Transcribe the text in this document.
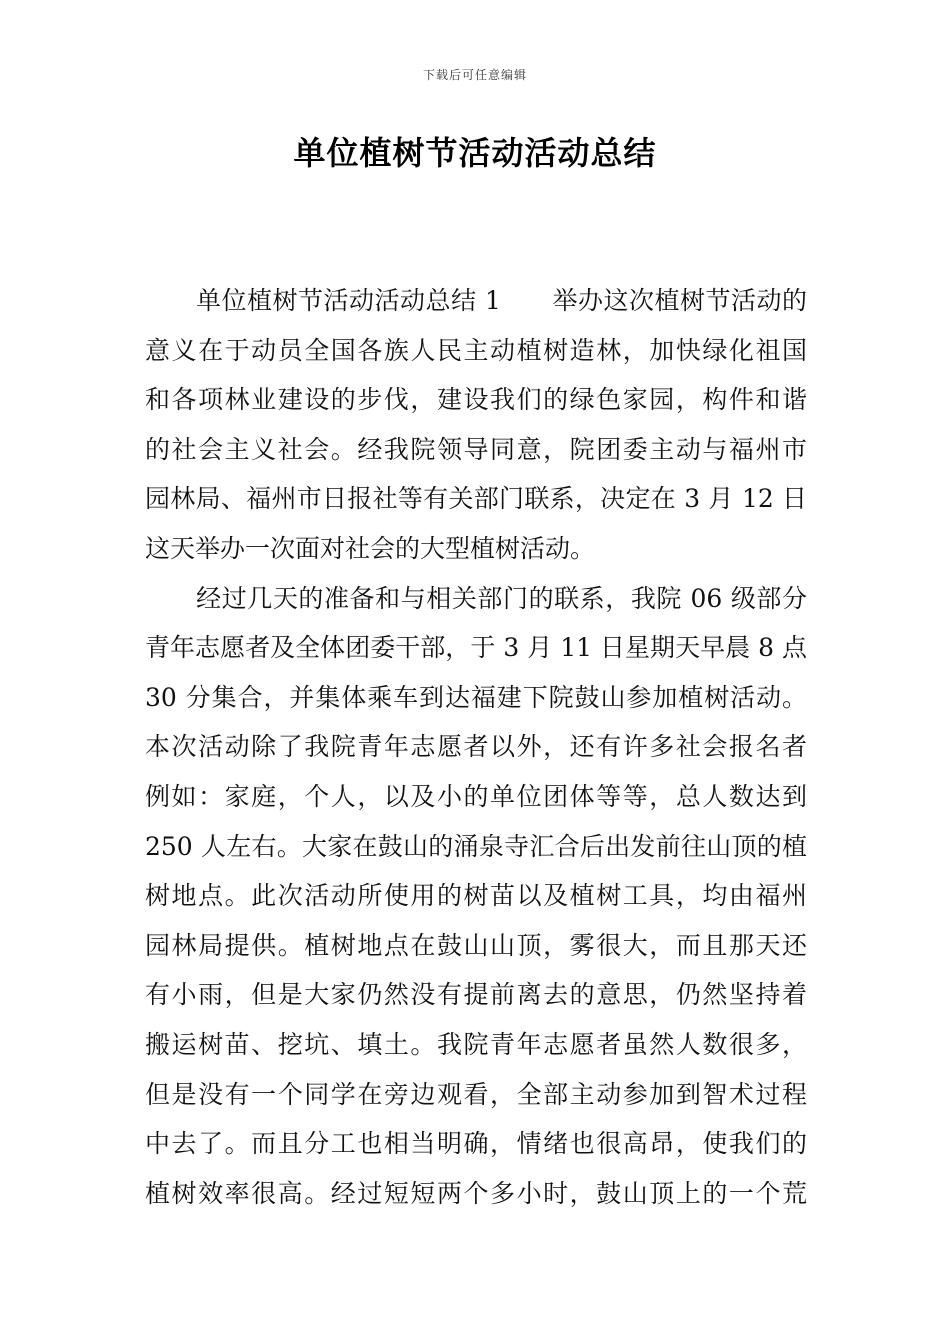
下载后可任意编辑
单位植树节活动活动总结
　　单位植树节活动活动总结 1　　举办这次植树节活动的
意义在于动员全国各族人民主动植树造林，加快绿化祖国
和各项林业建设的步伐，建设我们的绿色家园，构件和谐
的社会主义社会。经我院领导同意，院团委主动与福州市
园林局、福州市日报社等有关部门联系，决定在 3 月 12 日
这天举办一次面对社会的大型植树活动。
　　经过几天的准备和与相关部门的联系，我院 06 级部分
青年志愿者及全体团委干部，于 3 月 11 日星期天早晨 8 点
30 分集合，并集体乘车到达福建下院鼓山参加植树活动。
本次活动除了我院青年志愿者以外，还有许多社会报名者
例如：家庭，个人，以及小的单位团体等等，总人数达到
250 人左右。大家在鼓山的涌泉寺汇合后出发前往山顶的植
树地点。此次活动所使用的树苗以及植树工具，均由福州
园林局提供。植树地点在鼓山山顶，雾很大，而且那天还
有小雨，但是大家仍然没有提前离去的意思，仍然坚持着
搬运树苗、挖坑、填土。我院青年志愿者虽然人数很多，
但是没有一个同学在旁边观看，全部主动参加到智术过程
中去了。而且分工也相当明确，情绪也很高昂，使我们的
植树效率很高。经过短短两个多小时，鼓山顶上的一个荒
